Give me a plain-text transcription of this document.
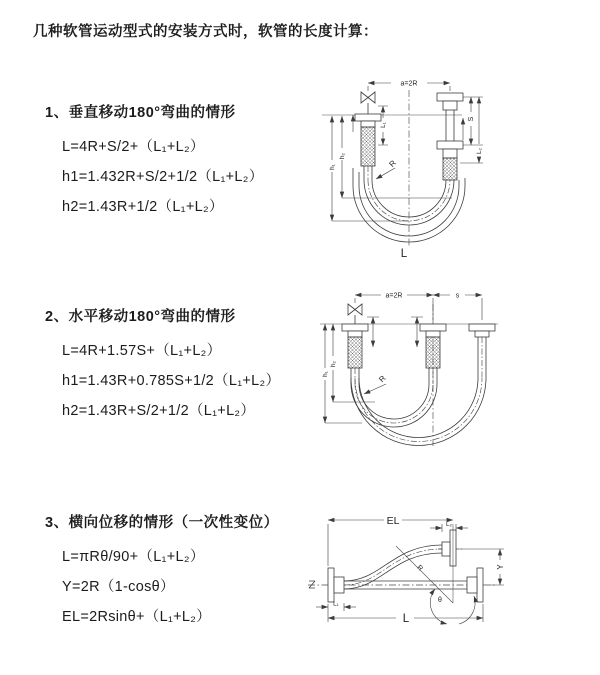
几种软管运动型式的安装方式时，软管的长度计算：
1、垂直移动180°弯曲的情形

L=4R+S/2+（L₁+L₂）

h1=1.432R+S/2+1/2（L₁+L₂）

h2=1.43R+1/2（L₁+L₂）

a=2R
L
R
L₁
S
L₂
h₁
h₂
2、水平移动180°弯曲的情形

L=4R+1.57S+（L₁+L₂）

h1=1.43R+0.785S+1/2（L₁+L₂）

h2=1.43R+S/2+1/2（L₁+L₂）

a=2R	s
R
h₁
h₂
3、横向位移的情形（一次性变位）

L=πRθ/90+（L₁+L₂）

Y=2R（1-cosθ）

EL=2Rsinθ+（L₁+L₂）

θ
R
EL	L₂
Y
L₁
L
